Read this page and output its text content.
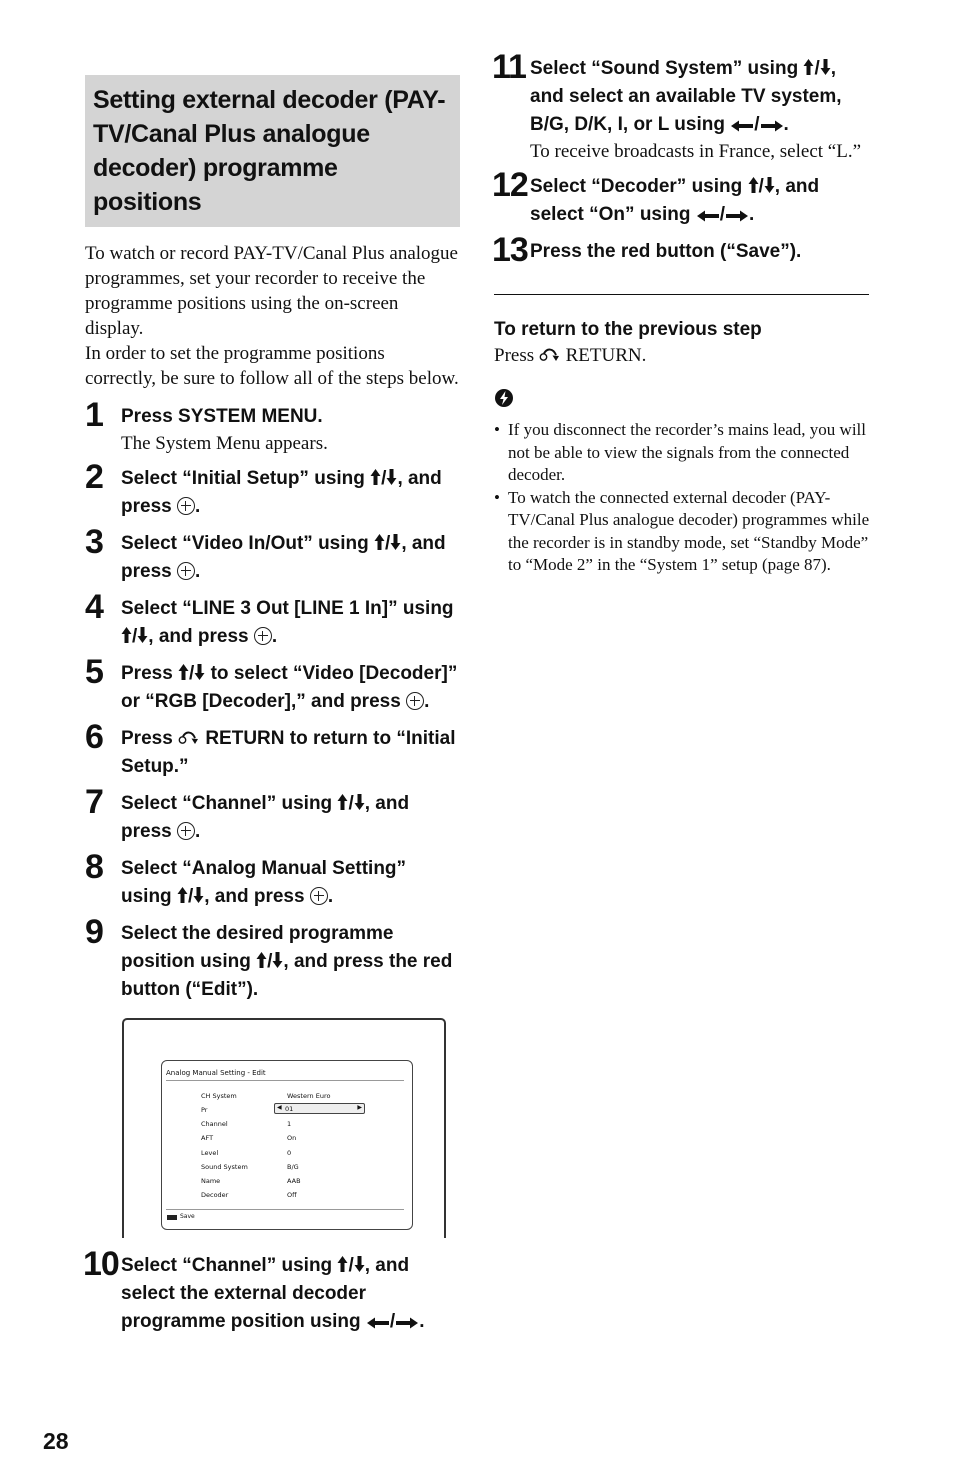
Setting external decoder (PAY-TV/Canal Plus analogue decoder) programme positions

To watch or record PAY-TV/Canal Plus analogue programmes, set your recorder to receive the programme positions using the on-screen display.
In order to set the programme positions correctly, be sure to follow all of the steps below.

1 Press SYSTEM MENU.
The System Menu appears.
2 Select “Initial Setup” using / , and press .
3 Select “Video In/Out” using / , and press .
4 Select “LINE 3 Out [LINE 1 In]” using / , and press .
5 Press / to select “Video [Decoder]” or “RGB [Decoder],” and press .
6 Press  RETURN to return to “Initial Setup.”
7 Select “Channel” using / , and press .
8 Select “Analog Manual Setting” using / , and press .
9 Select the desired programme position using / , and press the red button (“Edit”).
Analog Manual Setting - Edit
CH System	Western Euro
Pr	◀ 01	▶
Channel	1
AFT	On
Level	0
Sound System	B/G
Name	AAB
Decoder	Off
Save
10 Select “Channel” using / , and select the external decoder programme position using / .
11 Select “Sound System” using / , and select an available TV system, B/G, D/K, I, or L using / .
To receive broadcasts in France, select “L.”
12 Select “Decoder” using / , and select “On” using / .
13 Press the red button (“Save”).
To return to the previous step
Press RETURN.
• If you disconnect the recorder’s mains lead, you will not be able to view the signals from the connected decoder.
• To watch the connected external decoder (PAY-TV/Canal Plus analogue decoder) programmes while the recorder is in standby mode, set “Standby Mode” to “Mode 2” in the “System 1” setup (page 87).
28
